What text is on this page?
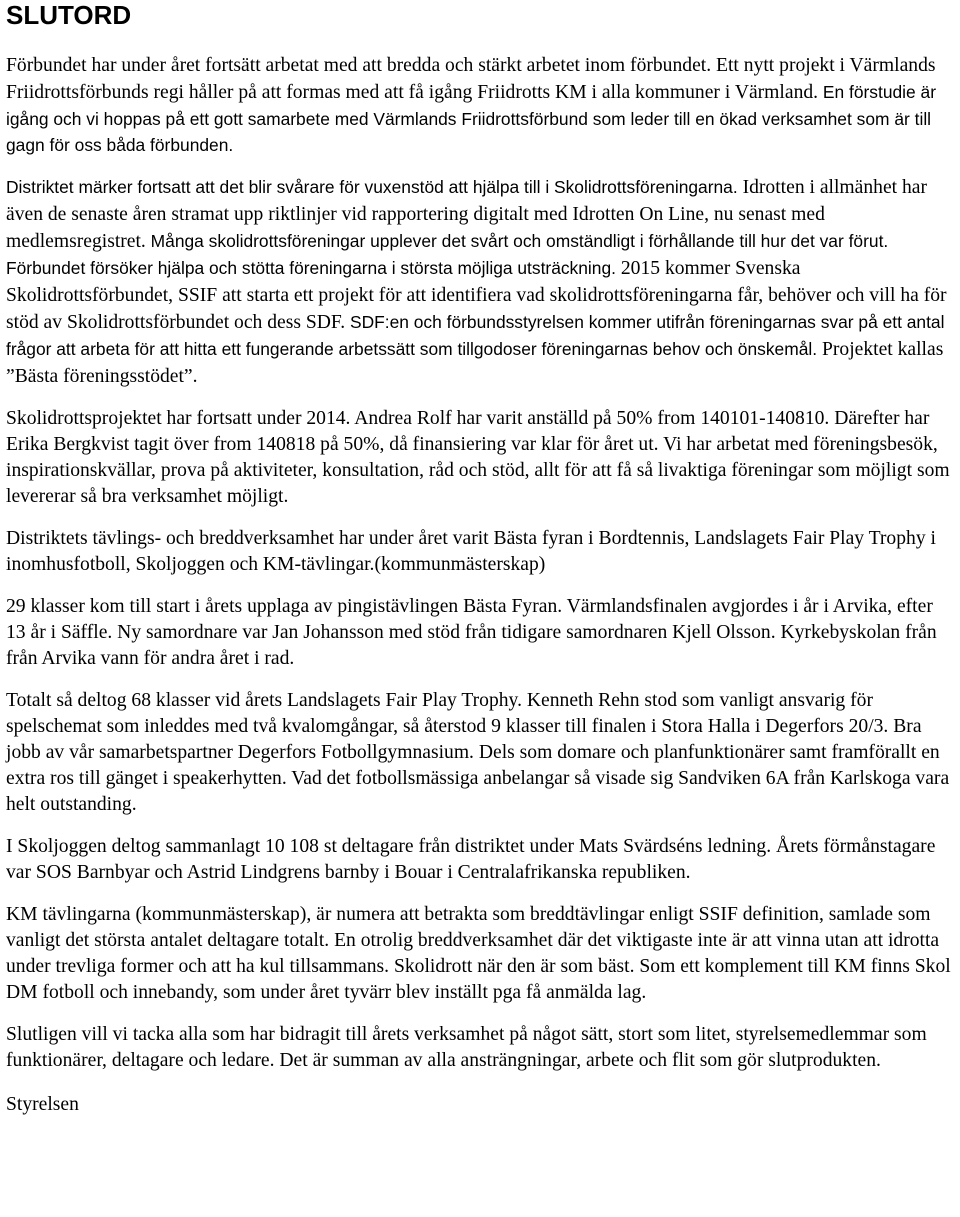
SLUTORD

Förbundet har under året fortsätt arbetat med att bredda och stärkt arbetet inom förbundet. Ett nytt projekt i Värmlands Friidrottsförbunds regi håller på att formas med att få igång Friidrotts KM i alla kommuner i Värmland. En förstudie är igång och vi hoppas på ett gott samarbete med Värmlands Friidrottsförbund som leder till en ökad verksamhet som är till gagn för oss båda förbunden.

Distriktet märker fortsatt att det blir svårare för vuxenstöd att hjälpa till i Skolidrottsföreningarna. Idrotten i allmänhet har även de senaste åren stramat upp riktlinjer vid rapportering digitalt med Idrotten On Line, nu senast med medlemsregistret. Många skolidrottsföreningar upplever det svårt och omständligt i förhållande till hur det var förut. Förbundet försöker hjälpa och stötta föreningarna i största möjliga utsträckning. 2015 kommer Svenska Skolidrottsförbundet, SSIF att starta ett projekt för att identifiera vad skolidrottsföreningarna får, behöver och vill ha för stöd av Skolidrottsförbundet och dess SDF. SDF:en och förbundsstyrelsen kommer utifrån föreningarnas svar på ett antal frågor att arbeta för att hitta ett fungerande arbetssätt som tillgodoser föreningarnas behov och önskemål. Projektet kallas ”Bästa föreningsstödet”.

Skolidrottsprojektet har fortsatt under 2014. Andrea Rolf har varit anställd på 50% from 140101-140810. Därefter har Erika Bergkvist tagit över from 140818 på 50%, då finansiering var klar för året ut. Vi har arbetat med föreningsbesök, inspirationskvällar, prova på aktiviteter, konsultation, råd och stöd, allt för att få så livaktiga föreningar som möjligt som levererar så bra verksamhet möjligt.

Distriktets tävlings- och breddverksamhet har under året varit Bästa fyran i Bordtennis, Landslagets Fair Play Trophy i inomhusfotboll, Skoljoggen och KM-tävlingar.(kommunmästerskap)

29 klasser kom till start i årets upplaga av pingistävlingen Bästa Fyran. Värmlandsfinalen avgjordes i år i Arvika, efter 13 år i Säffle. Ny samordnare var Jan Johansson med stöd från tidigare samordnaren Kjell Olsson. Kyrkebyskolan från från Arvika vann för andra året i rad.

Totalt så deltog 68 klasser vid årets Landslagets Fair Play Trophy. Kenneth Rehn stod som vanligt ansvarig för spelschemat som inleddes med två kvalomgångar, så återstod 9 klasser till finalen i Stora Halla i Degerfors 20/3. Bra jobb av vår samarbetspartner Degerfors Fotbollgymnasium. Dels som domare och planfunktionärer samt framförallt en extra ros till gänget i speakerhytten. Vad det fotbollsmässiga anbelangar så visade sig Sandviken 6A från Karlskoga vara helt outstanding.

I Skoljoggen deltog sammanlagt 10 108 st deltagare från distriktet under Mats Svärdséns ledning. Årets förmånstagare var SOS Barnbyar och Astrid Lindgrens barnby i Bouar i Centralafrikanska republiken.

KM tävlingarna (kommunmästerskap), är numera att betrakta som breddtävlingar enligt SSIF definition, samlade som vanligt det största antalet deltagare totalt. En otrolig breddverksamhet där det viktigaste inte är att vinna utan att idrotta under trevliga former och att ha kul tillsammans. Skolidrott när den är som bäst. Som ett komplement till KM finns Skol DM fotboll och innebandy, som under året tyvärr blev inställt pga få anmälda lag.

Slutligen vill vi tacka alla som har bidragit till årets verksamhet på något sätt, stort som litet, styrelsemedlemmar som funktionärer, deltagare och ledare. Det är summan av alla ansträngningar, arbete och flit som gör slutprodukten.

Styrelsen
